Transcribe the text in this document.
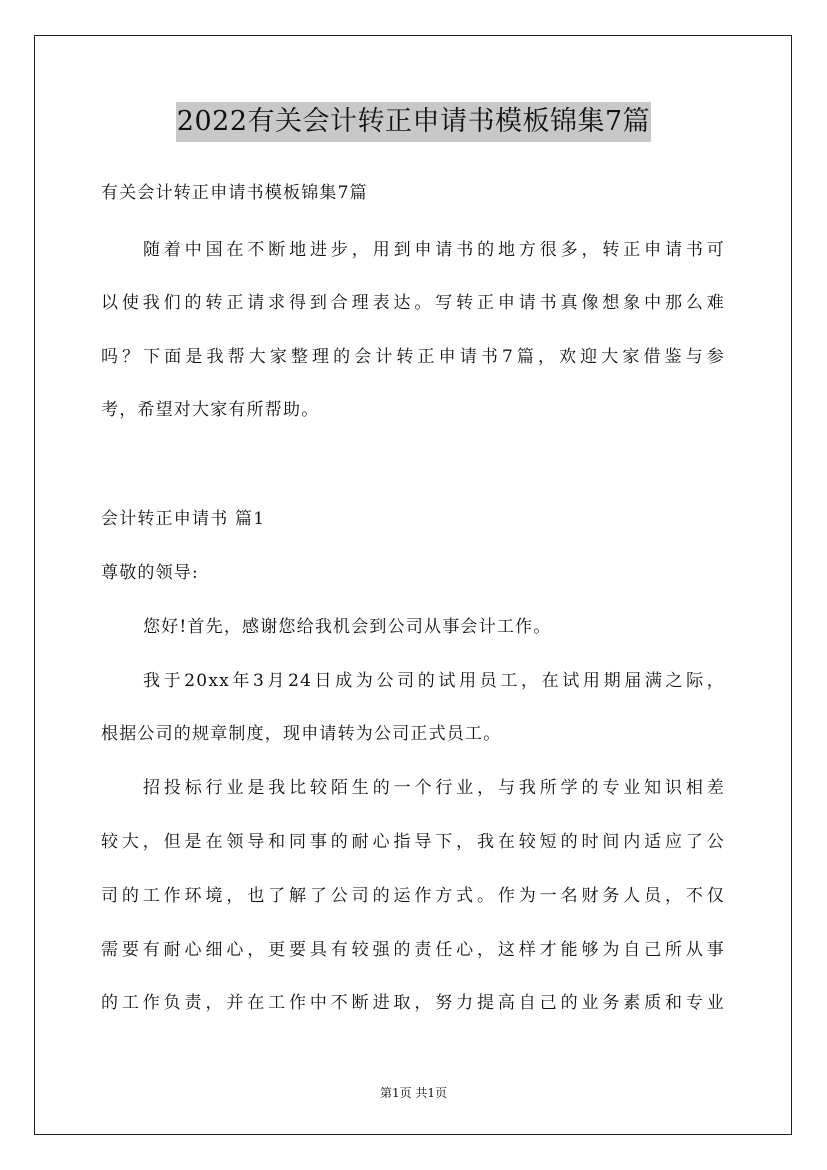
2022有关会计转正申请书模板锦集7篇

有关会计转正申请书模板锦集7篇

随着中国在不断地进步，用到申请书的地方很多，转正申请书可

以使我们的转正请求得到合理表达。写转正申请书真像想象中那么难

吗？下面是我帮大家整理的会计转正申请书7篇，欢迎大家借鉴与参

考，希望对大家有所帮助。

会计转正申请书 篇1

尊敬的领导:

您好!首先，感谢您给我机会到公司从事会计工作。

我于20xx年3月24日成为公司的试用员工，在试用期届满之际，

根据公司的规章制度，现申请转为公司正式员工。

招投标行业是我比较陌生的一个行业，与我所学的专业知识相差

较大，但是在领导和同事的耐心指导下，我在较短的时间内适应了公

司的工作环境，也了解了公司的运作方式。作为一名财务人员，不仅

需要有耐心细心，更要具有较强的责任心，这样才能够为自己所从事

的工作负责，并在工作中不断进取，努力提高自己的业务素质和专业

第1页 共1页
